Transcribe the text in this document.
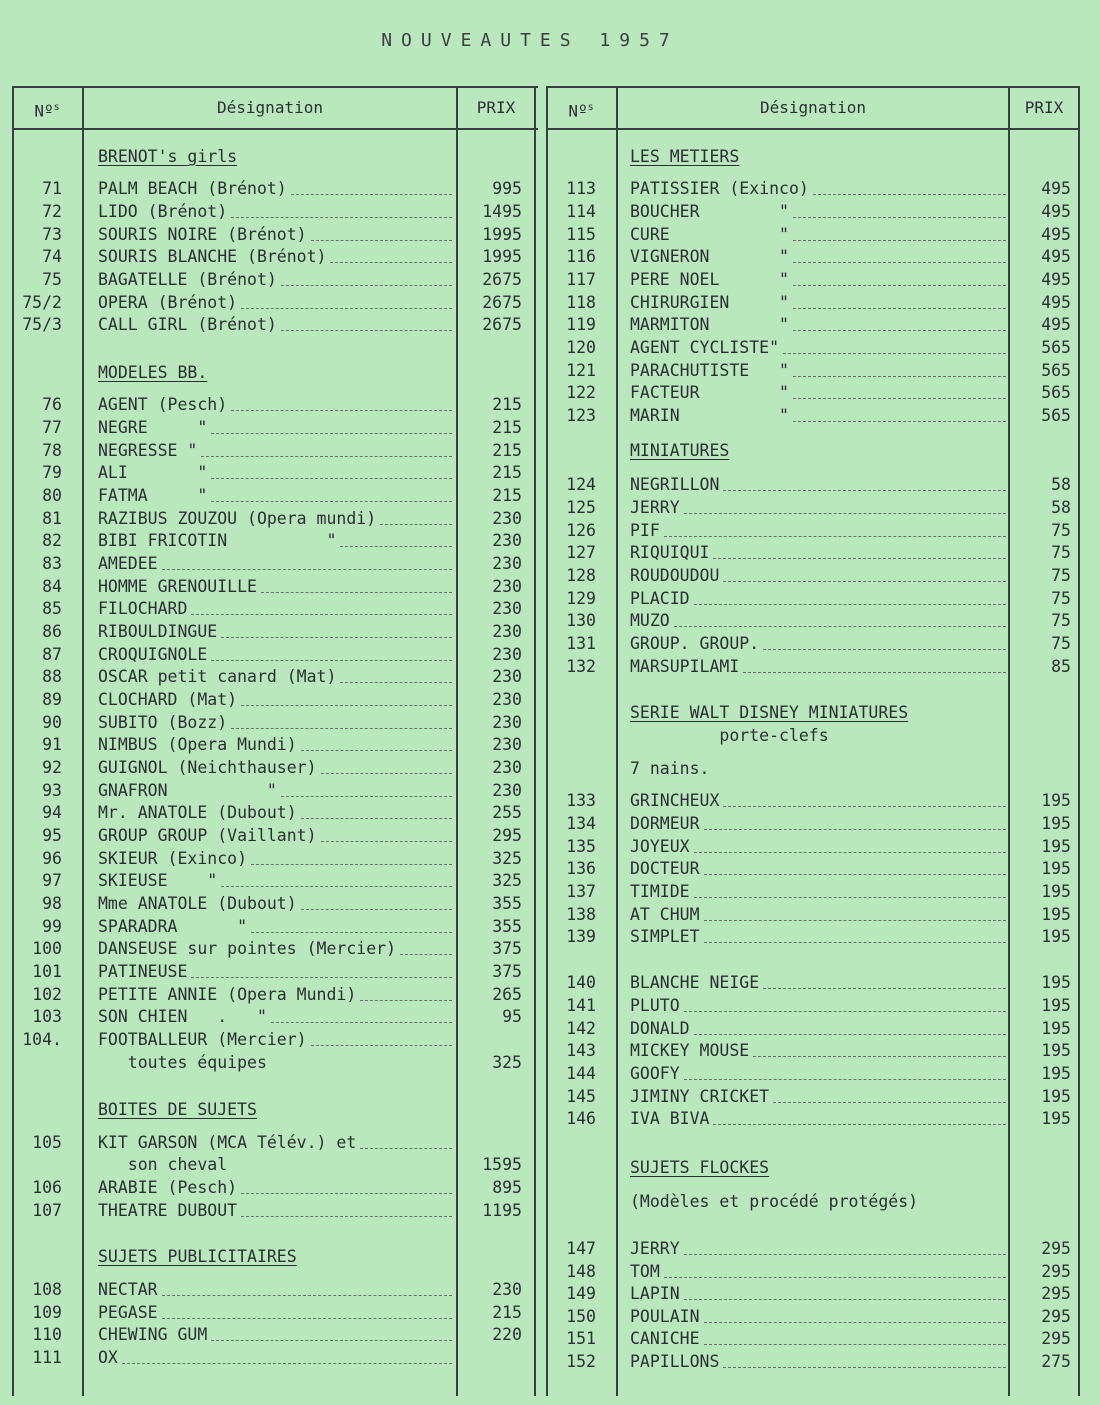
NOUVEAUTES 1957
Nº$^s$	Désignation	PRIX
BRENOT's girls
71 PALM BEACH (Brénot)	995
72 LIDO (Brénot)	1495
73 SOURIS NOIRE (Brénot)	1995
74 SOURIS BLANCHE (Brénot)	1995
75 BAGATELLE (Brénot)	2675
75/2 OPERA (Brénot)	2675
75/3 CALL GIRL (Brénot)	2675
MODELES BB.
76 AGENT (Pesch)	215
77 NEGRE     "	215
78 NEGRESSE "	215
79 ALI       "	215
80 FATMA     "	215
81 RAZIBUS ZOUZOU (Opera mundi)	230
82 BIBI FRICOTIN          "	230
83 AMEDEE	230
84 HOMME GRENOUILLE	230
85 FILOCHARD	230
86 RIBOULDINGUE	230
87 CROQUIGNOLE	230
88 OSCAR petit canard (Mat)	230
89 CLOCHARD (Mat)	230
90 SUBITO (Bozz)	230
91 NIMBUS (Opera Mundi)	230
92 GUIGNOL (Neichthauser)	230
93 GNAFRON          "	230
94 Mr. ANATOLE (Dubout)	255
95 GROUP GROUP (Vaillant)	295
96 SKIEUR (Exinco)	325
97 SKIEUSE    "	325
98 Mme ANATOLE (Dubout)	355
99 SPARADRA      "	355
100 DANSEUSE sur pointes (Mercier)	375
101 PATINEUSE	375
102 PETITE ANNIE (Opera Mundi)	265
103 SON CHIEN   .   "	95
104. FOOTBALLEUR (Mercier)
toutes équipes	325
BOITES DE SUJETS
105 KIT GARSON (MCA Télév.) et
son cheval	1595
106 ARABIE (Pesch)	895
107 THEATRE DUBOUT	1195
SUJETS PUBLICITAIRES
108 NECTAR	230
109 PEGASE	215
110 CHEWING GUM	220
111 OX
Nº$^s$	Désignation	PRIX
LES METIERS
113 PATISSIER (Exinco)	495
114 BOUCHER        "	495
115 CURE           "	495
116 VIGNERON       "	495
117 PERE NOEL      "	495
118 CHIRURGIEN     "	495
119 MARMITON       "	495
120 AGENT CYCLISTE"	565
121 PARACHUTISTE   "	565
122 FACTEUR        "	565
123 MARIN          "	565
MINIATURES
124 NEGRILLON	58
125 JERRY	58
126 PIF	75
127 RIQUIQUI	75
128 ROUDOUDOU	75
129 PLACID	75
130 MUZO	75
131 GROUP. GROUP.	75
132 MARSUPILAMI	85
SERIE WALT DISNEY MINIATURES
porte-clefs
7 nains.
133 GRINCHEUX	195
134 DORMEUR	195
135 JOYEUX	195
136 DOCTEUR	195
137 TIMIDE	195
138 AT CHUM	195
139 SIMPLET	195
140 BLANCHE NEIGE	195
141 PLUTO	195
142 DONALD	195
143 MICKEY MOUSE	195
144 GOOFY	195
145 JIMINY CRICKET	195
146 IVA BIVA	195
SUJETS FLOCKES
(Modèles et procédé protégés)
147 JERRY	295
148 TOM	295
149 LAPIN	295
150 POULAIN	295
151 CANICHE	295
152 PAPILLONS	275
